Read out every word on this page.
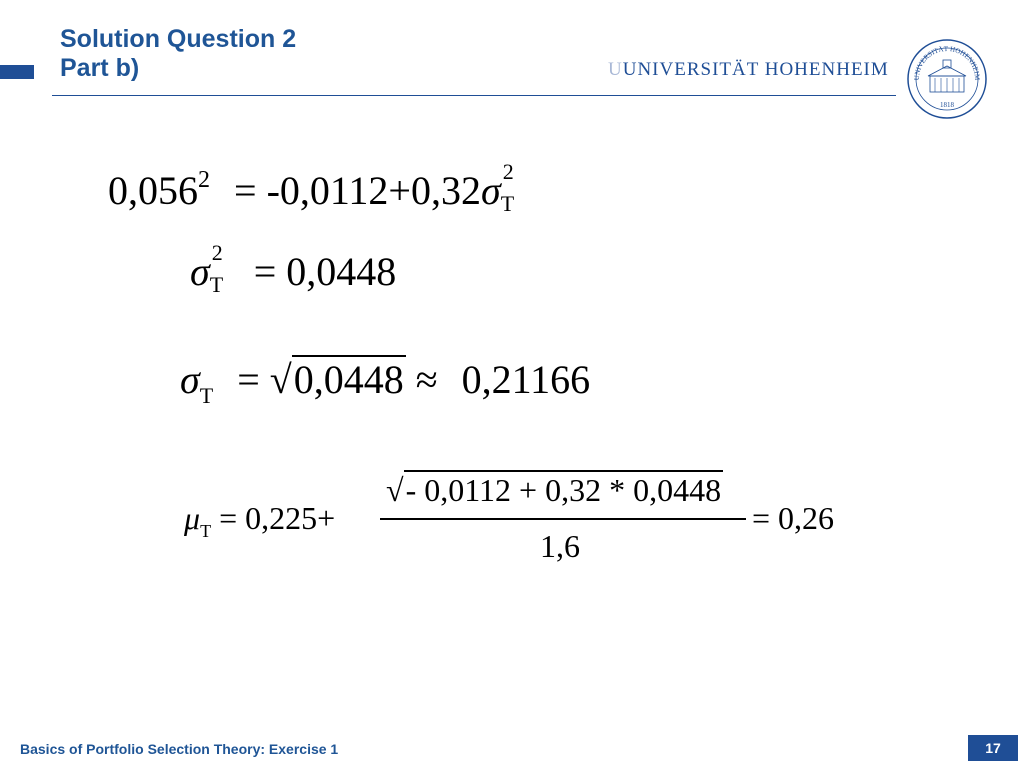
Solution Question 2
Part b)	UUNIVERSITÄT HOHENHEIM	UNIVERSITÄT HOHENHEIM
1818
$0,056^2 = -0,0112+0,32\sigma$ 2
T
σ 2
T = 0,0448
$\sigma_T = √0,0448 \approx 0,21166$
$\mu_T = 0,225+$
√- 0,0112 + 0,32 * 0,0448
1,6
= 0,26
Basics of Portfolio Selection Theory: Exercise 1	17
